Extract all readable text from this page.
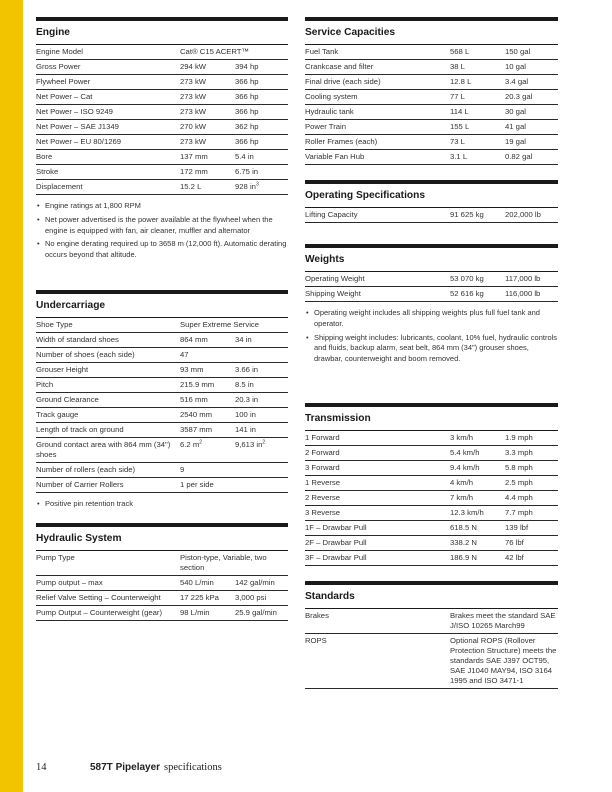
Engine
Engine Model	Cat® C15 ACERT™	
Gross Power	294 kW	394 hp
Flywheel Power	273 kW	366 hp
Net Power – Cat	273 kW	366 hp
Net Power – ISO 9249	273 kW	366 hp
Net Power – SAE J1349	270 kW	362 hp
Net Power – EU 80/1269	273 kW	366 hp
Bore	137 mm	5.4 in
Stroke	172 mm	6.75 in
Displacement	15.2 L	928 $in^3$
• Engine ratings at 1,800 RPM
• Net power advertised is the power available at the flywheel when the engine is equipped with fan, air cleaner, muffler and alternator
• No engine derating required up to 3658 m (12,000 ft). Automatic derating occurs beyond that altitude.
Undercarriage
Shoe Type	Super Extreme Service	
Width of standard shoes	864 mm	34 in
Number of shoes (each side)	47	
Grouser Height	93 mm	3.66 in
Pitch	215.9 mm	8.5 in
Ground Clearance	516 mm	20.3 in
Track gauge	2540 mm	100 in
Length of track on ground	3587 mm	141 in
Ground contact area with 864 mm (34") shoes	6.2 $m^2$	9,613 $in^2$
Number of rollers (each side)	9	
Number of Carrier Rollers	1 per side	
• Positive pin retention track
Hydraulic System
Pump Type	Piston-type, Variable, two section	
Pump output – max	540 L/min	142 gal/min
Relief Valve Setting – Counterweight	17 225 kPa	3,000 psi
Pump Output – Counterweight (gear)	98 L/min	25.9 gal/min
Service Capacities
Fuel Tank	568 L	150 gal
Crankcase and filter	38 L	10 gal
Final drive (each side)	12.8 L	3.4 gal
Cooling system	77 L	20.3 gal
Hydraulic tank	114 L	30 gal
Power Train	155 L	41 gal
Roller Frames (each)	73 L	19 gal
Variable Fan Hub	3.1 L	0.82 gal
Operating Specifications
Lifting Capacity	91 625 kg	202,000 lb
Weights
Operating Weight	53 070 kg	117,000 lb
Shipping Weight	52 616 kg	116,000 lb
• Operating weight includes all shipping weights plus full fuel tank and operator.
• Shipping weight includes: lubricants, coolant, 10% fuel, hydraulic controls and fluids, backup alarm, seat belt, 864 mm (34") grouser shoes, drawbar, counterweight and boom removed.
Transmission
1 Forward	3 km/h	1.9 mph
2 Forward	5.4 km/h	3.3 mph
3 Forward	9.4 km/h	5.8 mph
1 Reverse	4 km/h	2.5 mph
2 Reverse	7 km/h	4.4 mph
3 Reverse	12.3 km/h	7.7 mph
1F – Drawbar Pull	618.5 N	139 lbf
2F – Drawbar Pull	338.2 N	76 lbf
3F – Drawbar Pull	186.9 N	42 lbf
Standards
Brakes	Brakes meet the standard SAE J/ISO 10265 March99
ROPS	Optional ROPS (Rollover Protection Structure) meets the standards SAE J397 OCT95, SAE J1040 MAY94, ISO 3164 1995 and ISO 3471-1
14	587T Pipelayer specifications
